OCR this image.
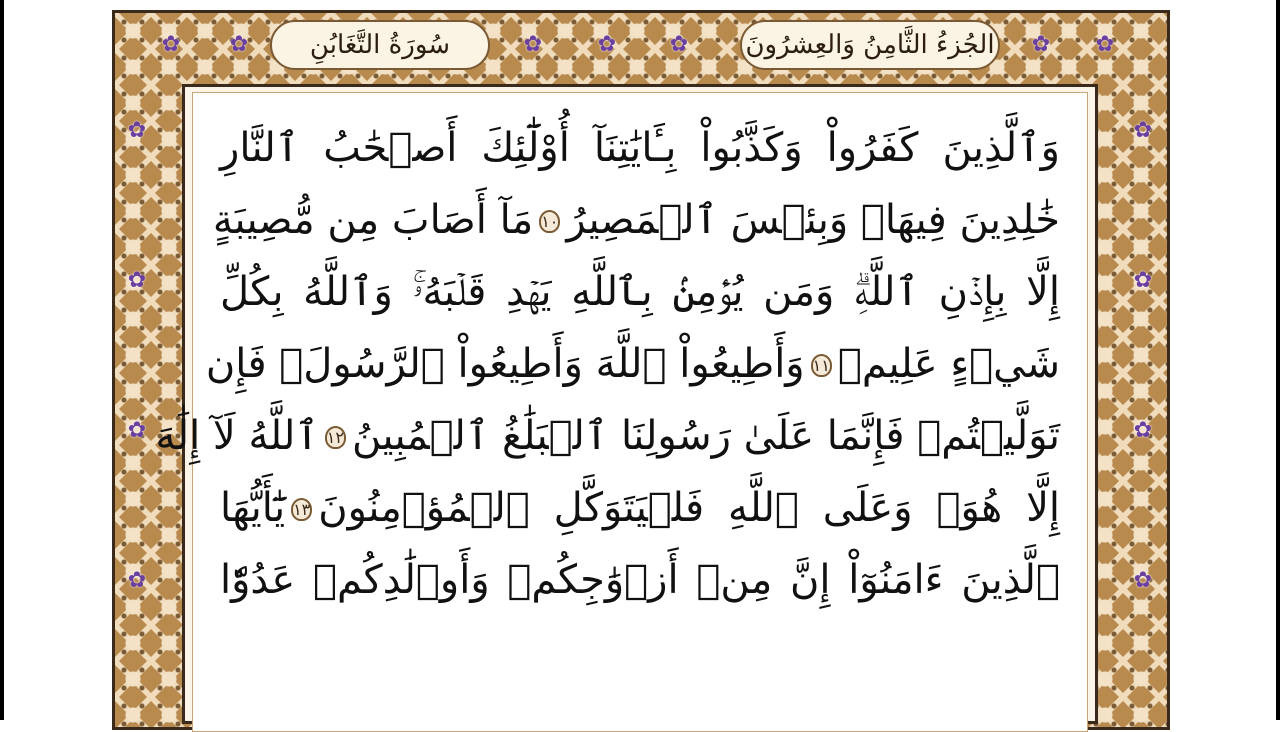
سُورَةُ التَّغَابُنِ	الجُزءُ الثَّامِنُ وَالعِشرُونَ
✿ ✿	✿	✿ ✿	✿ ✿
✿
✿
✿
✿
✿
✿
✿
✿
وَٱلَّذِينَ كَفَرُواْ وَكَذَّبُواْ بِـَٔايَٰتِنَآ أُوْلَٰٓئِكَ أَصۡحَٰبُ ٱلنَّارِ
خَٰلِدِينَ فِيهَاۖ وَبِئۡسَ ٱلۡمَصِيرُ١٠مَآ أَصَابَ مِن مُّصِيبَةٍ
إِلَّا بِإِذۡنِ ٱللَّهِۗ وَمَن يُؤۡمِنۢ بِٱللَّهِ يَهۡدِ قَلۡبَهُۥۚ وَٱللَّهُ بِكُلِّ
شَيۡءٍ عَلِيمٞ١١وَأَطِيعُواْ ٱللَّهَ وَأَطِيعُواْ ٱلرَّسُولَۚ فَإِن
تَوَلَّيۡتُمۡ فَإِنَّمَا عَلَىٰ رَسُولِنَا ٱلۡبَلَٰغُ ٱلۡمُبِينُ١٢ٱللَّهُ لَآ إِلَٰهَ
إِلَّا هُوَۚ وَعَلَى ٱللَّهِ فَلۡيَتَوَكَّلِ ٱلۡمُؤۡمِنُونَ١٣يَٰٓأَيُّهَا
ٱلَّذِينَ ءَامَنُوٓاْ إِنَّ مِنۡ أَزۡوَٰجِكُمۡ وَأَوۡلَٰدِكُمۡ عَدُوّٗا
